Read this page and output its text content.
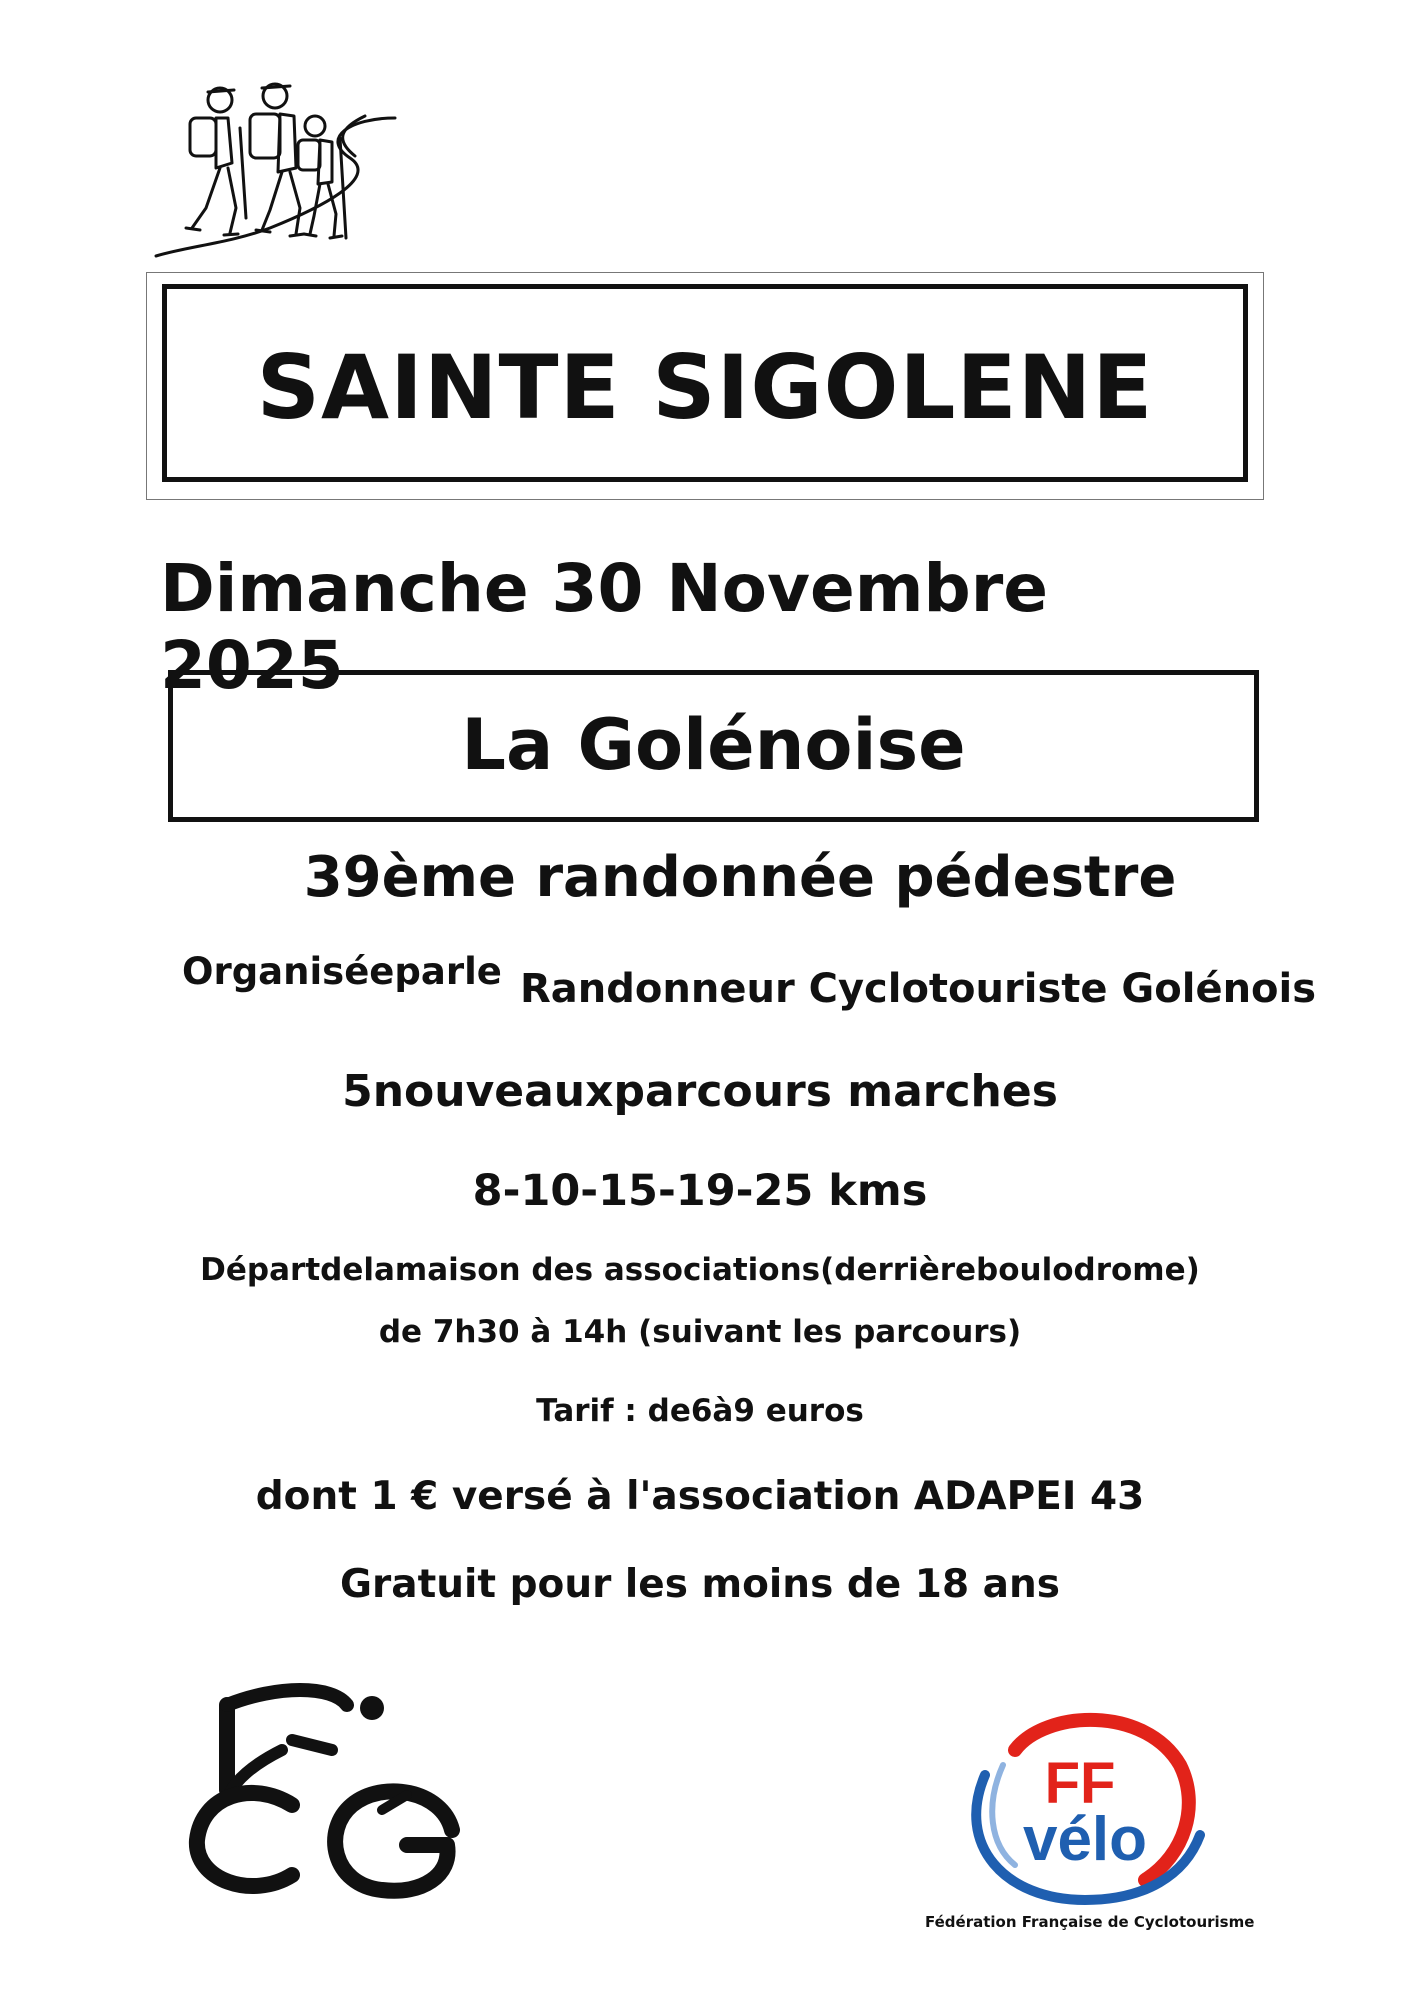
SAINTE SIGOLENE
Dimanche 30 Novembre 2025
La Golénoise
39ème randonnée pédestre
Organiséeparle Randonneur Cyclotouriste Golénois
5nouveauxparcours marches
8-10-15-19-25 kms
Départdelamaison des associations(derrièreboulodrome)
de 7h30 à 14h (suivant les parcours)
Tarif : de6à9 euros
dont 1 € versé à l'association ADAPEI 43
Gratuit pour les moins de 18 ans
FF
vélo
Fédération Française de Cyclotourisme
